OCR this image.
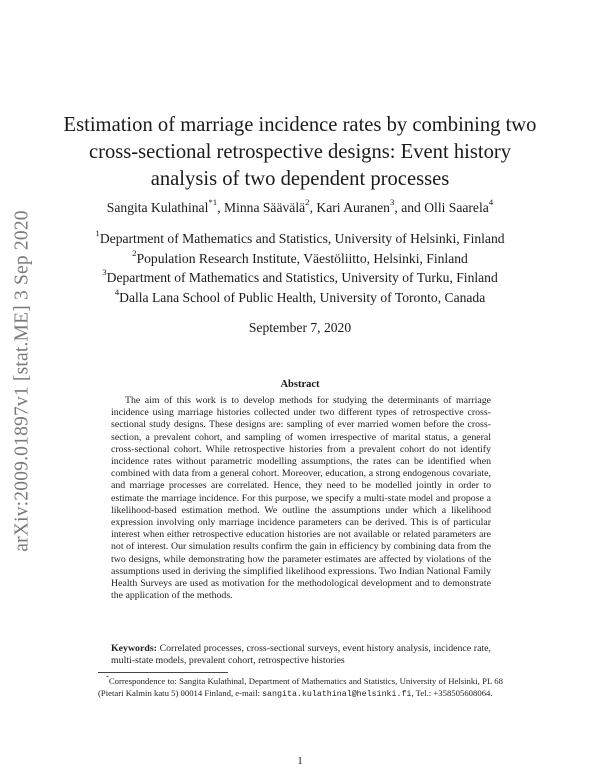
arXiv:2009.01897v1 [stat.ME] 3 Sep 2020
Estimation of marriage incidence rates by combining two cross-sectional retrospective designs: Event history analysis of two dependent processes
Sangita Kulathinal$^{*1}$, Minna Säävälä$^2$, Kari Auranen$^3$, and Olli Saarela$^4$
$^1$Department of Mathematics and Statistics, University of Helsinki, Finland
$^2$Population Research Institute, Väestöliitto, Helsinki, Finland
$^3$Department of Mathematics and Statistics, University of Turku, Finland
$^4$Dalla Lana School of Public Health, University of Toronto, Canada
September 7, 2020
Abstract

The aim of this work is to develop methods for studying the determinants of marriage incidence using marriage histories collected under two different types of retrospective cross-sectional study designs. These designs are: sampling of ever married women before the cross-section, a prevalent cohort, and sampling of women irrespective of marital status, a general cross-sectional cohort. While retrospective histories from a prevalent cohort do not identify incidence rates without parametric modelling assumptions, the rates can be identified when combined with data from a general cohort. Moreover, education, a strong endogenous covariate, and marriage processes are correlated. Hence, they need to be modelled jointly in order to estimate the marriage incidence. For this purpose, we specify a multi-state model and propose a likelihood-based estimation method. We outline the assumptions under which a likelihood expression involving only marriage incidence parameters can be derived. This is of particular interest when either retrospective education histories are not available or related parameters are not of interest. Our simulation results confirm the gain in efficiency by combining data from the two designs, while demonstrating how the parameter estimates are affected by violations of the assumptions used in deriving the simplified likelihood expressions. Two Indian National Family Health Surveys are used as motivation for the methodological development and to demonstrate the application of the methods.

Keywords: Correlated processes, cross-sectional surveys, event history analysis, incidence rate, multi-state models, prevalent cohort, retrospective histories

*Correspondence to: Sangita Kulathinal, Department of Mathematics and Statistics, University of Helsinki, PL 68 (Pietari Kalmin katu 5) 00014 Finland, e-mail: sangita.kulathinal@helsinki.fi, Tel.: +358505608064.

1
